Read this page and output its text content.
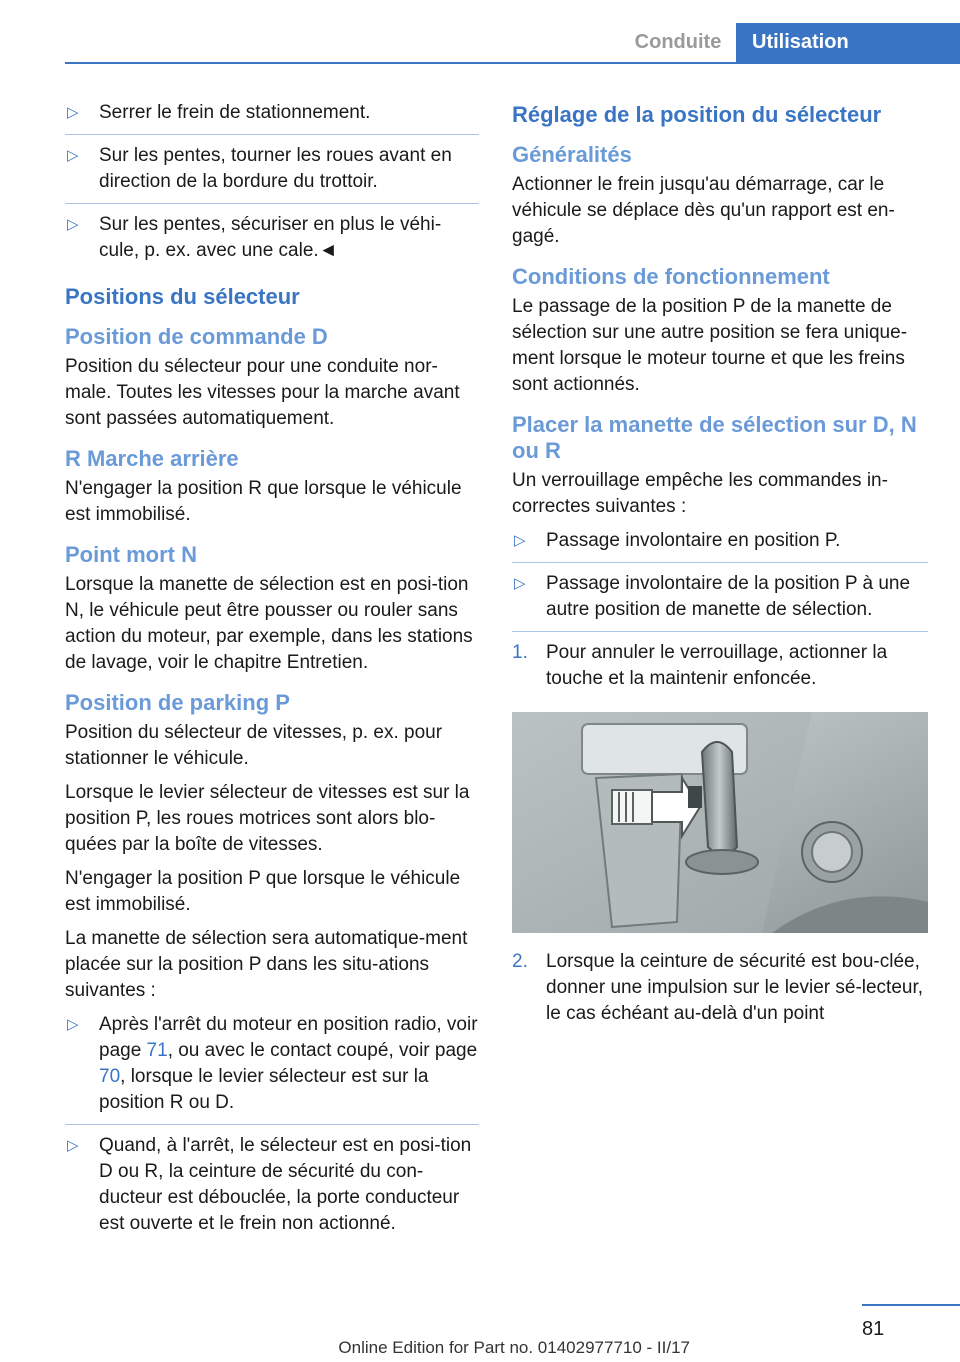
Conduite	Utilisation
▷ Serrer le frein de stationnement.
▷ Sur les pentes, tourner les roues avant en direction de la bordure du trottoir.
▷ Sur les pentes, sécuriser en plus le véhi‐cule, p. ex. avec une cale.◄
Positions du sélecteur
Position de commande D

Position du sélecteur pour une conduite nor‐male. Toutes les vitesses pour la marche avant sont passées automatiquement.

R Marche arrière

N'engager la position R que lorsque le véhicule est immobilisé.

Point mort N

Lorsque la manette de sélection est en posi‐tion N, le véhicule peut être pousser ou rouler sans action du moteur, par exemple, dans les stations de lavage, voir le chapitre Entretien.

Position de parking P

Position du sélecteur de vitesses, p. ex. pour stationner le véhicule.

Lorsque le levier sélecteur de vitesses est sur la position P, les roues motrices sont alors blo‐quées par la boîte de vitesses.

N'engager la position P que lorsque le véhicule est immobilisé.

La manette de sélection sera automatique‐ment placée sur la position P dans les situ‐ations suivantes :

▷ Après l'arrêt du moteur en position radio, voir page 71, ou avec le contact coupé, voir page 70, lorsque le levier sélecteur est sur la position R ou D.
▷ Quand, à l'arrêt, le sélecteur est en posi‐tion D ou R, la ceinture de sécurité du con‐ducteur est débouclée, la porte conducteur est ouverte et le frein non actionné.
Réglage de la position du sélecteur
Généralités

Actionner le frein jusqu'au démarrage, car le véhicule se déplace dès qu'un rapport est en‐gagé.

Conditions de fonctionnement

Le passage de la position P de la manette de sélection sur une autre position se fera unique‐ment lorsque le moteur tourne et que les freins sont actionnés.

Placer la manette de sélection sur D, N ou R

Un verrouillage empêche les commandes in‐correctes suivantes :

▷ Passage involontaire en position P.
▷ Passage involontaire de la position P à une autre position de manette de sélection.
1. Pour annuler le verrouillage, actionner la touche et la maintenir enfoncée.
2. Lorsque la ceinture de sécurité est bou‐clée, donner une impulsion sur le levier sé‐lecteur, le cas échéant au-delà d'un point
81
Online Edition for Part no. 01402977710 - II/17
